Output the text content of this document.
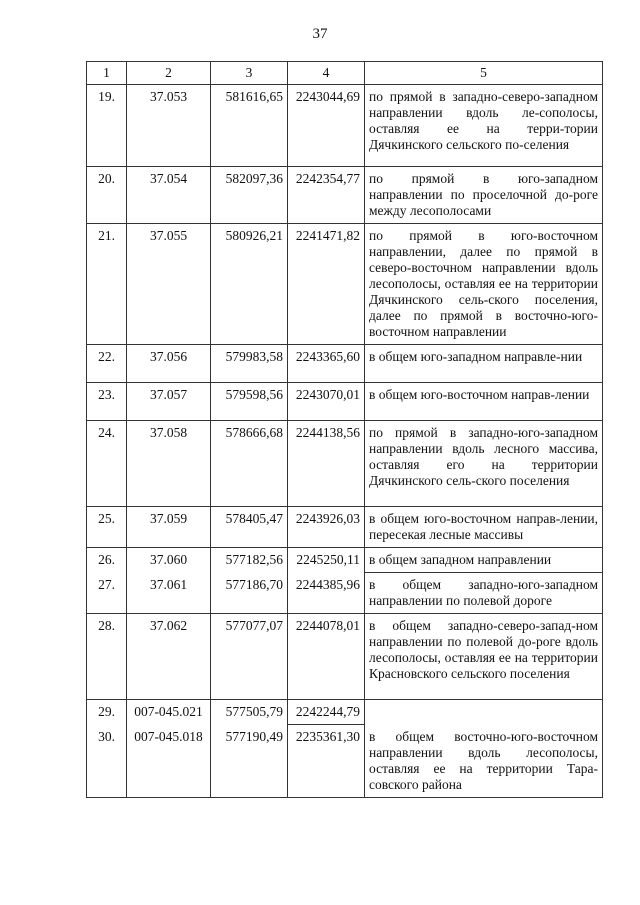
37
1	2	3	4	5
19.	37.053	581616,65	2243044,69	по прямой в западно-северо-западном направлении вдоль ле-сополосы, оставляя ее на терри-тории Дячкинского сельского по-селения
20.	37.054	582097,36	2242354,77	по прямой в юго-западном направлении по проселочной до-роге между лесополосами
21.	37.055	580926,21	2241471,82	по прямой в юго-восточном направлении, далее по прямой в северо-восточном направлении вдоль лесополосы, оставляя ее на территории Дячкинского сель-ского поселения, далее по прямой в восточно-юго-восточном направлении
22.	37.056	579983,58	2243365,60	в общем юго-западном направле-нии
23.	37.057	579598,56	2243070,01	в общем юго-восточном направ-лении
24.	37.058	578666,68	2244138,56	по прямой в западно-юго-западном направлении вдоль лесного массива, оставляя его на территории Дячкинского сель-ского поселения
25.	37.059	578405,47	2243926,03	в общем юго-восточном направ-лении, пересекая лесные массивы
26.	37.060	577182,56	2245250,11	в общем западном направлении
27.	37.061	577186,70	2244385,96	в общем западно-юго-западном направлении по полевой дороге
28.	37.062	577077,07	2244078,01	в общем западно-северо-запад-ном направлении по полевой до-роге вдоль лесополосы, оставляя ее на территории Красновского сельского поселения
29.	007-045.021	577505,79	2242244,79	
30.	007-045.018	577190,49	2235361,30	в общем восточно-юго-восточном направлении вдоль лесополосы, оставляя ее на территории Тара-совского района
